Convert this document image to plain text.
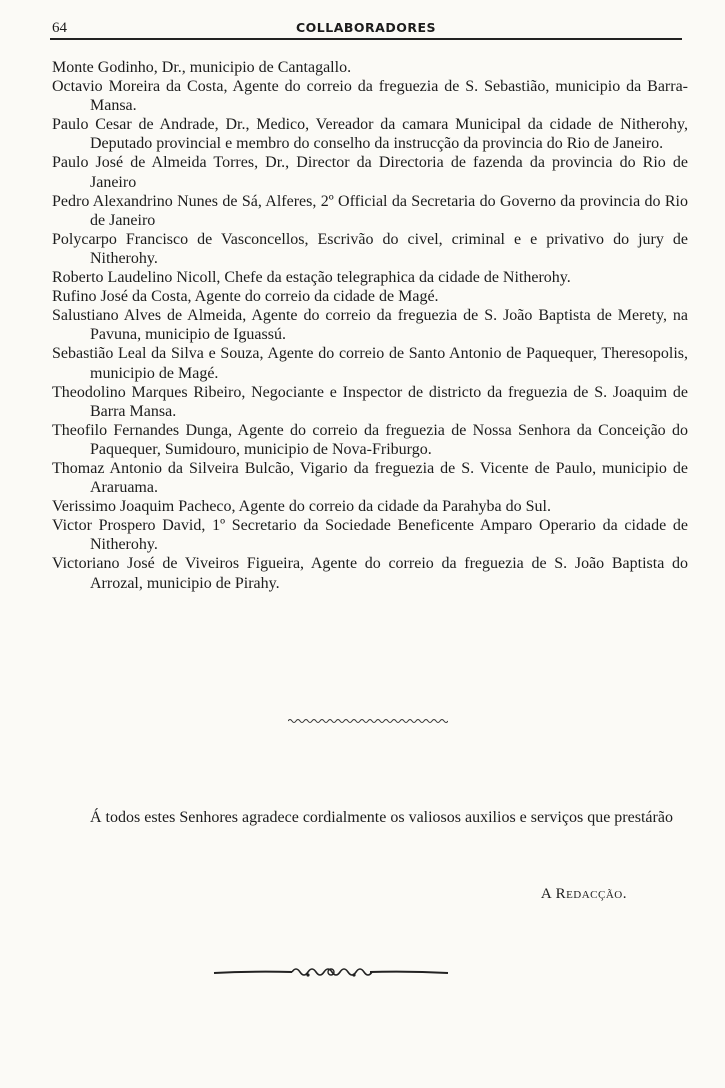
64	COLLABORADORES

Monte Godinho, Dr., municipio de Cantagallo.

Octavio Moreira da Costa, Agente do correio da freguezia de S. Sebastião, municipio da Barra-Mansa.

Paulo Cesar de Andrade, Dr., Medico, Vereador da camara Municipal da cidade de Nitherohy, Deputado provincial e membro do conselho da instrucção da provincia do Rio de Janeiro.

Paulo José de Almeida Torres, Dr., Director da Directoria de fazenda da provincia do Rio de Janeiro

Pedro Alexandrino Nunes de Sá, Alferes, 2º Official da Secretaria do Governo da provincia do Rio de Janeiro

Polycarpo Francisco de Vasconcellos, Escrivão do civel, criminal e e privativo do jury de Nitherohy.

Roberto Laudelino Nicoll, Chefe da estação telegraphica da cidade de Nitherohy.

Rufino José da Costa, Agente do correio da cidade de Magé.

Salustiano Alves de Almeida, Agente do correio da freguezia de S. João Baptista de Merety, na Pavuna, municipio de Iguassú.

Sebastião Leal da Silva e Souza, Agente do correio de Santo Antonio de Paquequer, Theresopolis, municipio de Magé.

Theodolino Marques Ribeiro, Negociante e Inspector de districto da freguezia de S. Joaquim de Barra Mansa.

Theofilo Fernandes Dunga, Agente do correio da freguezia de Nossa Senhora da Conceição do Paquequer, Sumidouro, municipio de Nova-Friburgo.

Thomaz Antonio da Silveira Bulcão, Vigario da freguezia de S. Vicente de Paulo, municipio de Araruama.

Verissimo Joaquim Pacheco, Agente do correio da cidade da Parahyba do Sul.

Victor Prospero David, 1º Secretario da Sociedade Beneficente Amparo Operario da cidade de Nitherohy.

Victoriano José de Viveiros Figueira, Agente do correio da freguezia de S. João Baptista do Arrozal, municipio de Pirahy.

Á todos estes Senhores agradece cordialmente os valiosos auxilios e serviços que prestárão

A Redacção.
